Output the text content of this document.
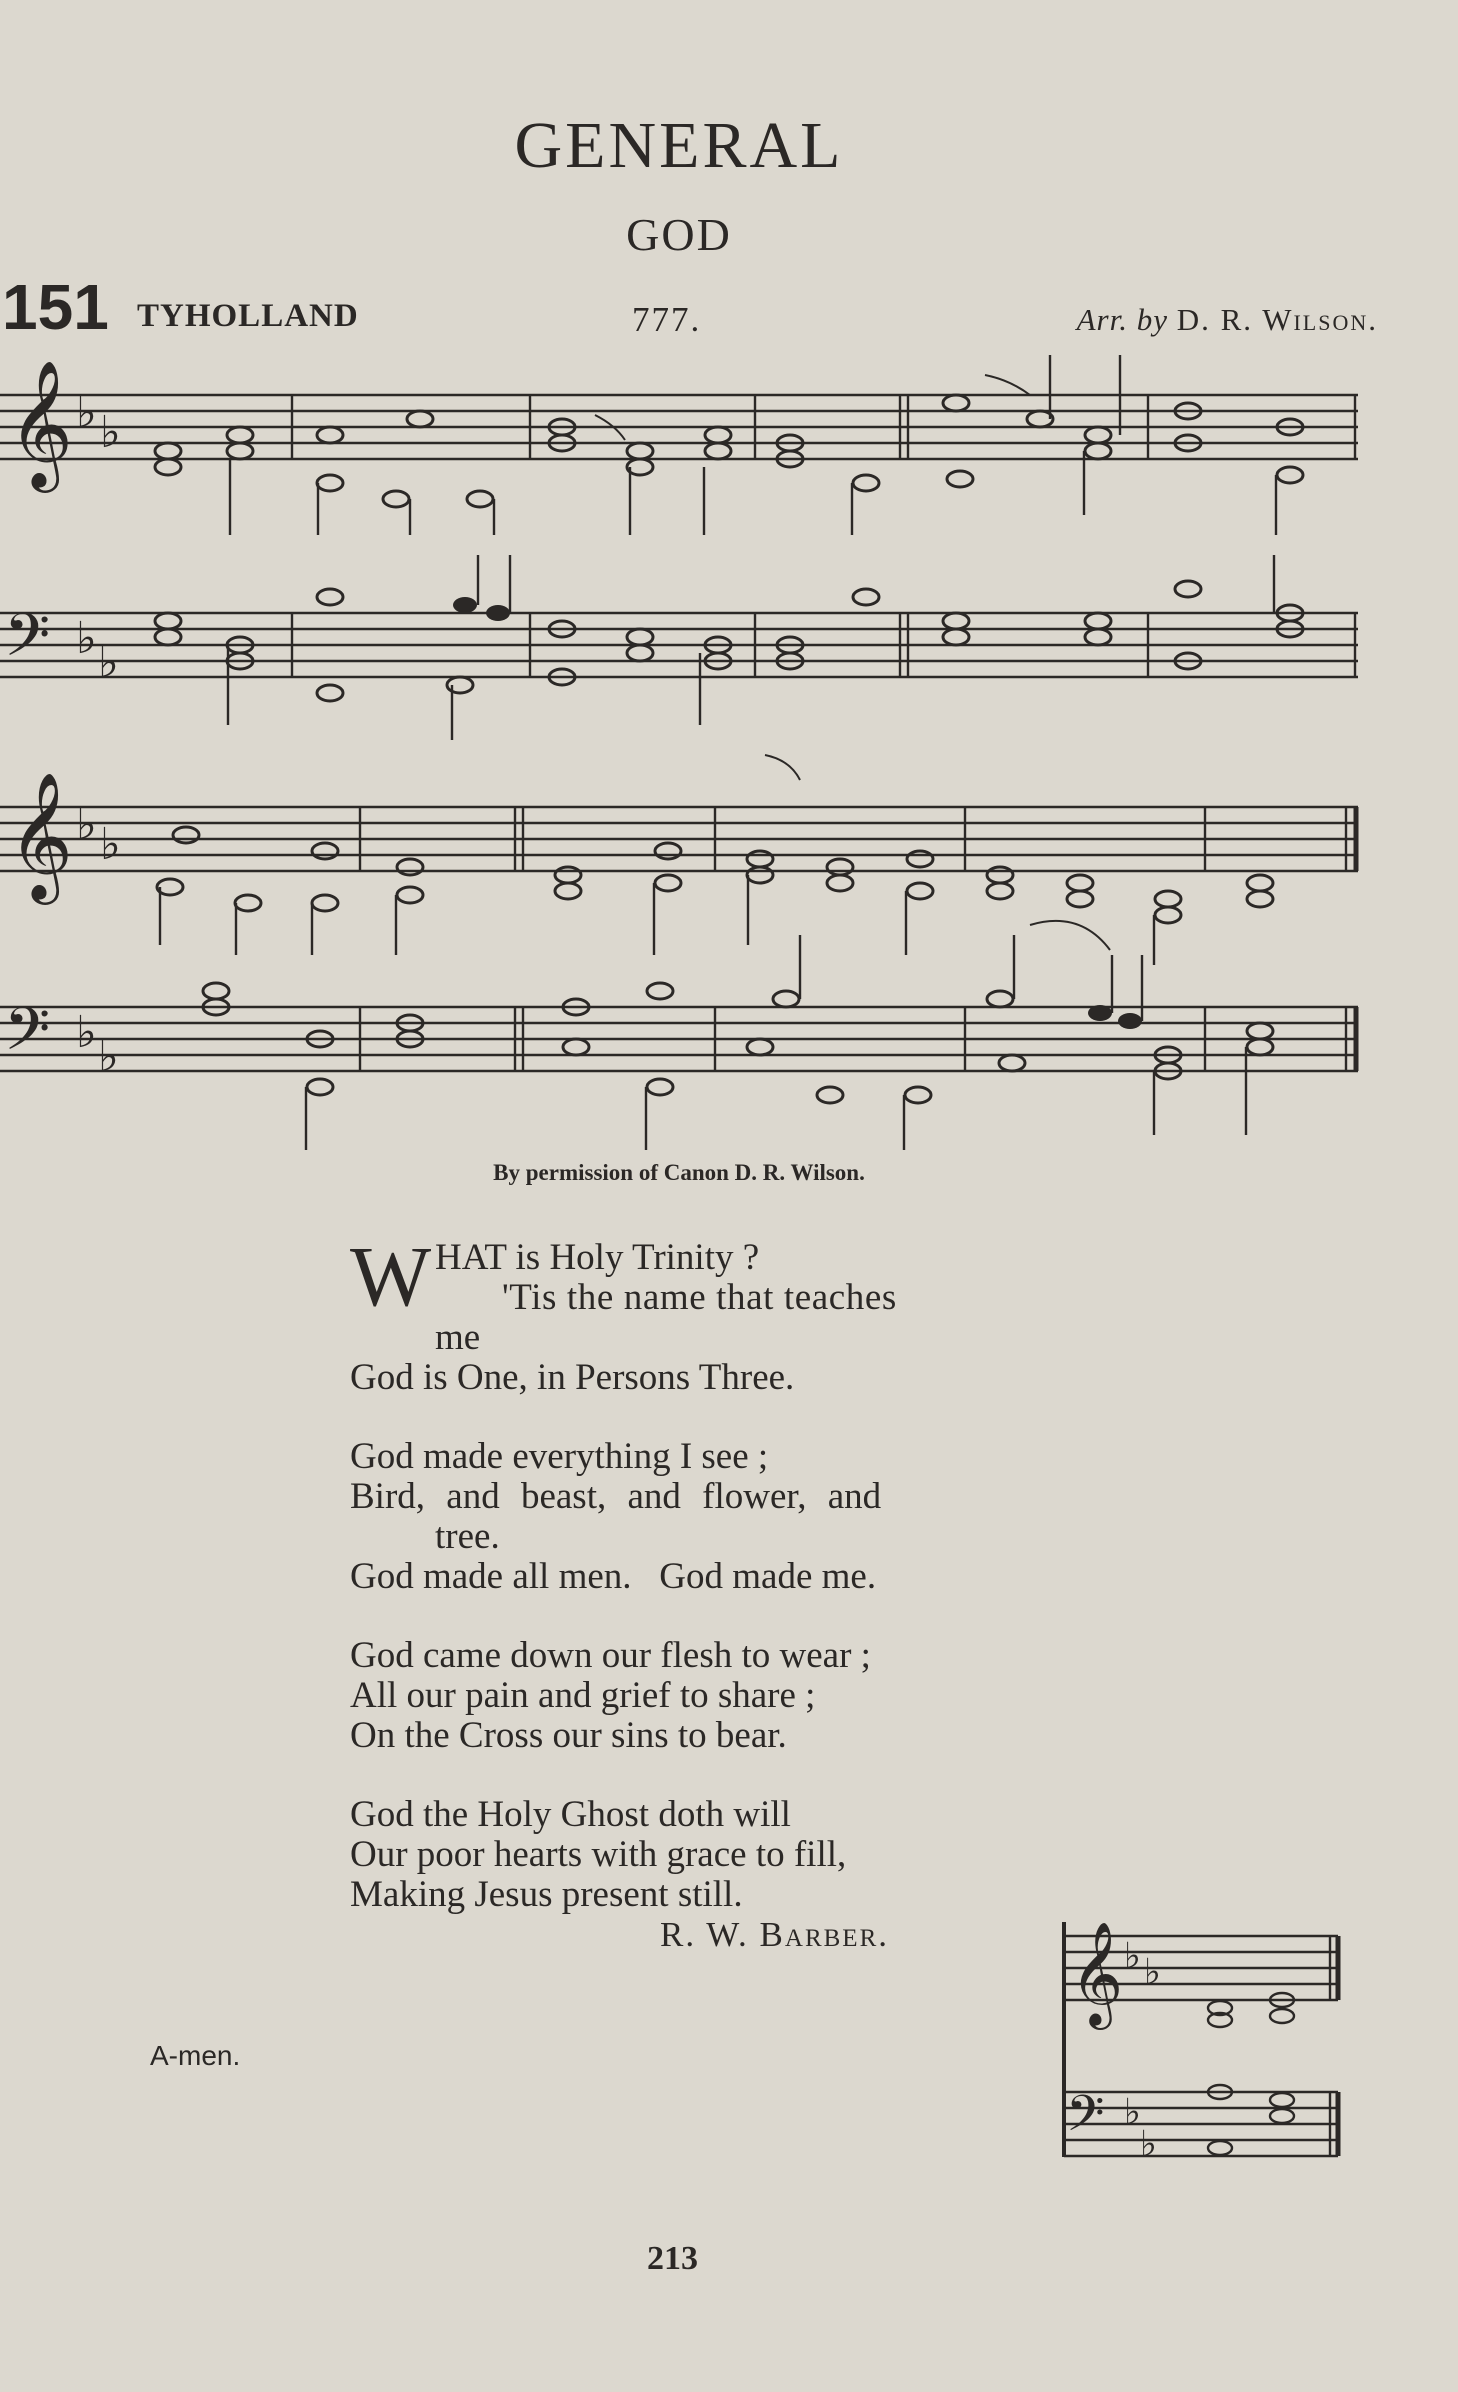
GENERAL
GOD
151 TYHOLLAND	777.	Arr. by D. R. Wilson.
𝄞
𝄞
𝄢
𝄢
♭ ♭
♭ ♭
♭ ♭
♭ ♭
By permission of Canon D. R. Wilson.
W HAT is Holy Trinity ?
'Tis the name that teaches
me
God is One, in Persons Three.
God made everything I see ;
Bird, and beast, and flower, and
tree.
God made all men.   God made me.
God came down our flesh to wear ;
All our pain and grief to share ;
On the Cross our sins to bear.
God the Holy Ghost doth will
Our poor hearts with grace to fill,
Making Jesus present still.
R. W. Barber.	𝄞
𝄢
♭ ♭
♭
♭
A-men.
213
